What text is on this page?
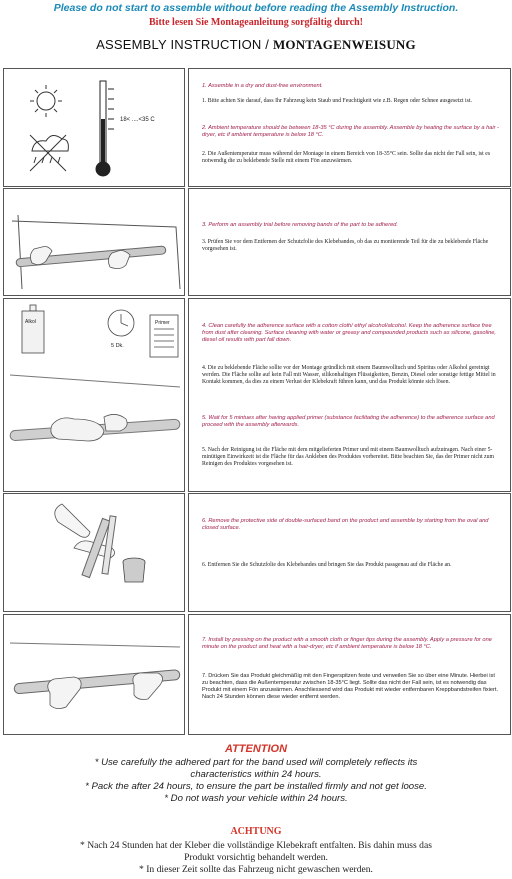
Please do not start to assemble without before reading the Assembly Instruction.
Bitte lesen Sie Montageanleitung sorgfältig durch!
ASSEMBLY INSTRUCTION / MONTAGENWEISUNG
18< ....<35 C

1. Assemble in a dry and dust-free environment.

1. Bitte achten Sie darauf, dass Ihr Fahrzeug kein Staub und Feuchtigkeit wie z.B. Regen oder Schnee ausgesetzt ist.

2. Ambient temperature should be between 18-35 °C during the assembly. Assemble by heating the surface by a hair -dryer, etc if ambient temperature is below 18 °C.

2. Die Außentemperatur muss während der Montage in einem Bereich von 18-35°C sein. Sollte das nicht der Fall sein, ist es notwendig die zu beklebende Stelle mit einem Fön anzuwärmen.

3. Perform an assembly trial before removing bands of the part to be adhered.

3. Prüfen Sie vor dem Entfernen der Schutzfolie des Klebebandes, ob das zu montierende Teil für die zu beklebende Fläche vorgesehen ist.

Alkol
5 Dk.
Primer	4. Clean carefully the adherence surface with a cotton cloth/ ethyl alcohol/alcohol. Keep the adherence surface free from dust after cleaning. Surface cleaning with water or greasy and compounded products such as silicone, gasoline, diesel oil results with part fall down.

4. Die zu beklebende Fläche sollte vor der Montage gründlich mit einem Baumwolltuch und Spiritus oder Alkohol gereinigt werden. Die Fläche sollte auf kein Fall mit Wasser, silikonhaltigen Flüssigkeiten, Benzin, Diesel oder sonstige fettige Mittel in Kontakt kommen, da dies zu einem Verlust der Klebekraft führen kann, und das Produkt könnte sich lösen.

5. Wait for 5 mintues after having applied primer (substance facilitating the adherence) to the adherence surface and proceed with the assembly afterwards.

5. Nach der Reinigung ist die Fläche mit dem mitgelieferten Primer und mit einem Baumwolltuch aufzutragen. Nach einer 5-minütigen Einwirkzeit ist die Fläche für das Ankleben des Produktes vorbereitet. Bitte beachten Sie, das der Primer nicht zum Reinigen des Produktes vorgesehen ist.

6. Remove the protective side of double-surfaced band on the product and assemble by starting from the oval and closed surface.

6. Entfernen Sie die Schutzfolie des Klebebandes und bringen Sie das Produkt passgenau auf die Fläche an.

7. Install by pressing on the product with a smooth cloth or finger tips during the assembly. Apply a pressure for one minute on the product and heat with a hair-dryer, etc if ambient temperature is below 18 °C.

7. Drücken Sie das Produkt gleichmäßig mit den Fingerspitzen feste und verweilen Sie so über eine Minute. Hierbei ist zu beachten, dass die Außentemperatur zwischen 18-35°C liegt. Sollte das nicht der Fall sein, ist es notwendig das Produkt mit einem Fön anzuwärmen. Anschliessend wird das Produkt mit wieder entfernbaren Kreppbandstreifen fixiert. Nach 24 Stunden können diese wieder entfernt werden.

ATTENTION
* Use carefully the adhered part for the band used will completely reflects its
characteristics within 24 hours.
* Pack the after 24 hours, to ensure the part be installed firmly and not get loose.
* Do not wash your vehicle within 24 hours.
ACHTUNG
* Nach 24 Stunden hat der Kleber die vollständige Klebekraft entfalten. Bis dahin muss das
Produkt vorsichtig behandelt werden.
* In dieser Zeit sollte das Fahrzeug nicht gewaschen werden.
